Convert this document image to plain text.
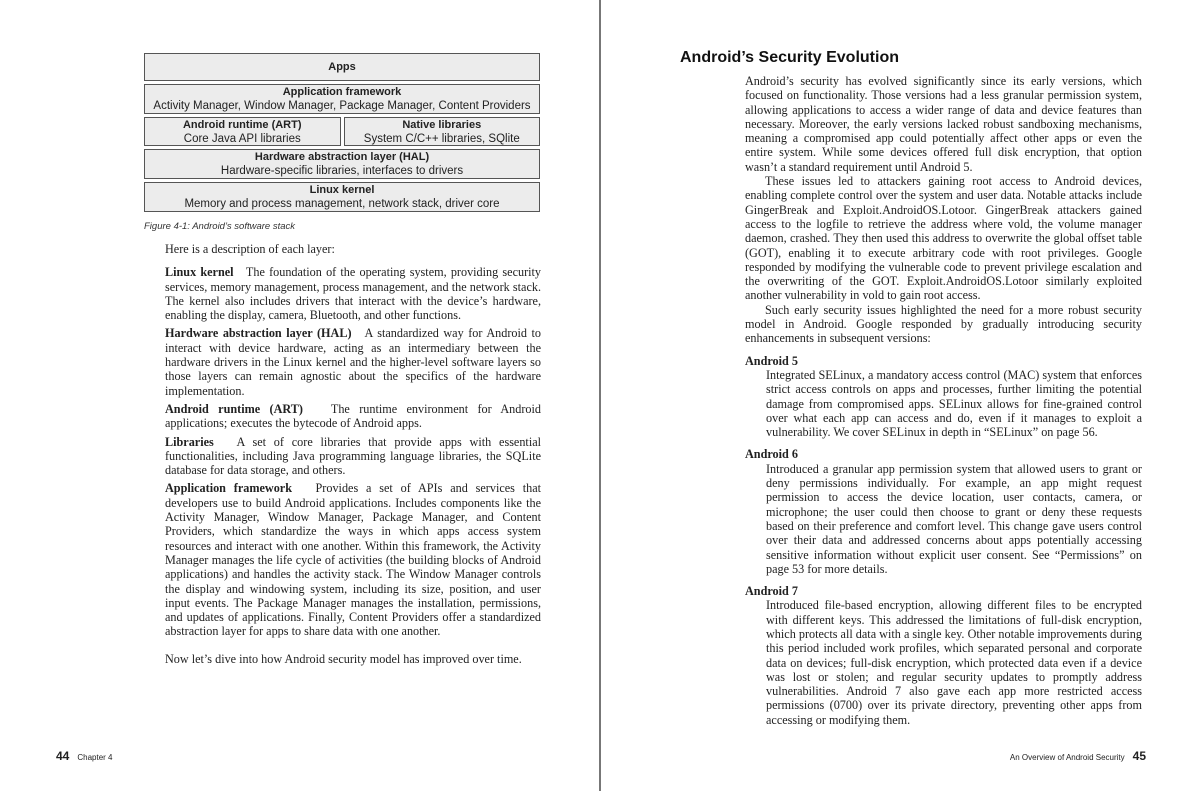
Apps
Application framework
Activity Manager, Window Manager, Package Manager, Content Providers
Android runtime (ART)
Core Java API libraries
Native libraries
System C/C++ libraries, SQlite
Hardware abstraction layer (HAL)
Hardware-specific libraries, interfaces to drivers
Linux kernel
Memory and process management, network stack, driver core
Figure 4-1: Android’s software stack

Here is a description of each layer:

Linux kernel The foundation of the operating system, providing security services, memory management, process management, and the network stack. The kernel also includes drivers that interact with the device’s hardware, enabling the display, camera, Bluetooth, and other functions.

Hardware abstraction layer (HAL) A standardized way for Android to interact with device hardware, acting as an intermediary between the hardware drivers in the Linux kernel and the higher-level software layers so those layers can remain agnostic about the specifics of the hardware implementation.

Android runtime (ART) The runtime environment for Android applications; executes the bytecode of Android apps.

Libraries A set of core libraries that provide apps with essential functionalities, including Java programming language libraries, the SQLite database for data storage, and others.

Application framework Provides a set of APIs and services that developers use to build Android applications. Includes components like the Activity Manager, Window Manager, Package Manager, and Content Providers, which standardize the ways in which apps access system resources and interact with one another. Within this framework, the Activity Manager manages the life cycle of activities (the building blocks of Android applications) and handles the activity stack. The Window Manager controls the display and windowing system, including its size, position, and user input events. The Package Manager manages the installation, permissions, and updates of applications. Finally, Content Providers offer a standardized abstraction layer for apps to share data with one another.

Now let’s dive into how Android security model has improved over time.

44 Chapter 4
Android’s Security Evolution

Android’s security has evolved significantly since its early versions, which focused on functionality. Those versions had a less granular permission system, allowing applications to access a wider range of data and device features than necessary. Moreover, the early versions lacked robust sandboxing mechanisms, meaning a compromised app could potentially affect other apps or even the entire system. While some devices offered full disk encryption, that option wasn’t a standard requirement until Android 5.

These issues led to attackers gaining root access to Android devices, enabling complete control over the system and user data. Notable attacks include GingerBreak and Exploit.AndroidOS.Lotoor. GingerBreak attackers gained access to the logfile to retrieve the address where vold, the volume manager daemon, crashed. They then used this address to overwrite the global offset table (GOT), enabling it to execute arbitrary code with root privileges. Google responded by modifying the vulnerable code to prevent privilege escalation and the overwriting of the GOT. Exploit.AndroidOS.Lotoor similarly exploited another vulnerability in vold to gain root access.

Such early security issues highlighted the need for a more robust security model in Android. Google responded by gradually introducing security enhancements in subsequent versions:

Android 5
Integrated SELinux, a mandatory access control (MAC) system that enforces strict access controls on apps and processes, further limiting the potential damage from compromised apps. SELinux allows for fine-grained control over what each app can access and do, even if it manages to exploit a vulnerability. We cover SELinux in depth in “SELinux” on page 56.
Android 6
Introduced a granular app permission system that allowed users to grant or deny permissions individually. For example, an app might request permission to access the device location, user contacts, camera, or microphone; the user could then choose to grant or deny these requests based on their preference and comfort level. This change gave users control over their data and addressed concerns about apps potentially accessing sensitive information without explicit user consent. See “Permissions” on page 53 for more details.
Android 7
Introduced file-based encryption, allowing different files to be encrypted with different keys. This addressed the limitations of full-disk encryption, which protects all data with a single key. Other notable improvements during this period included work profiles, which separated personal and corporate data on devices; full-disk encryption, which protected data even if a device was lost or stolen; and regular security updates to promptly address vulnerabilities. Android 7 also gave each app more restricted access permissions (0700) over its private directory, preventing other apps from accessing or modifying them.
An Overview of Android Security 45
